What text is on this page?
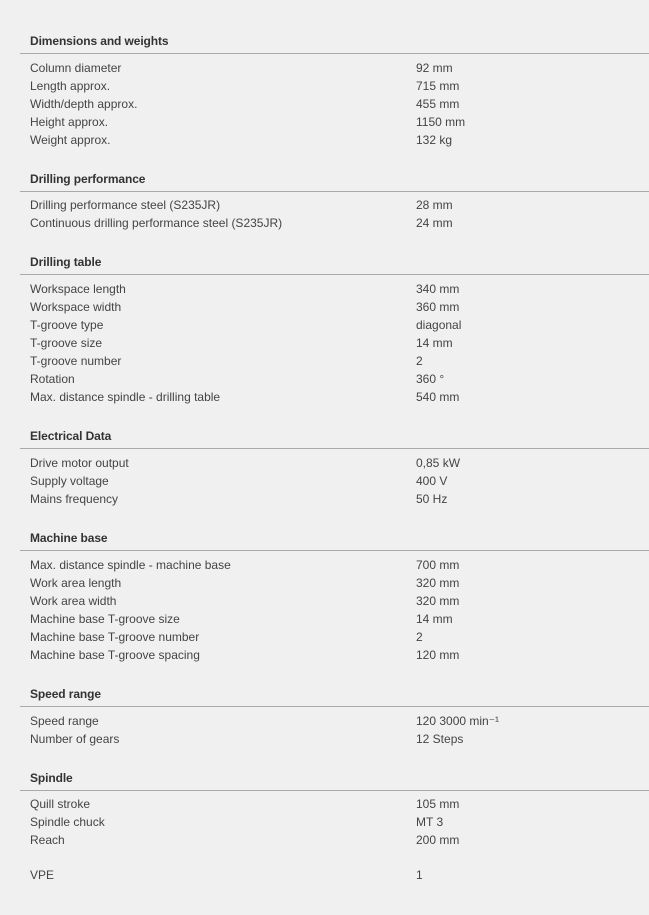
Dimensions and weights
Column diameter	92 mm
Length approx.	715 mm
Width/depth approx.	455 mm
Height approx.	1150 mm
Weight approx.	132 kg
Drilling performance
Drilling performance steel (S235JR)	28 mm
Continuous drilling performance steel (S235JR)	24 mm
Drilling table
Workspace length	340 mm
Workspace width	360 mm
T-groove type	diagonal
T-groove size	14 mm
T-groove number	2
Rotation	360 °
Max. distance spindle - drilling table	540 mm
Electrical Data
Drive motor output	0,85 kW
Supply voltage	400 V
Mains frequency	50 Hz
Machine base
Max. distance spindle - machine base	700 mm
Work area length	320 mm
Work area width	320 mm
Machine base T-groove size	14 mm
Machine base T-groove number	2
Machine base T-groove spacing	120 mm
Speed range
Speed range	120 3000 min⁻¹
Number of gears	12 Steps
Spindle
Quill stroke	105 mm
Spindle chuck	MT 3
Reach	200 mm
VPE	1
